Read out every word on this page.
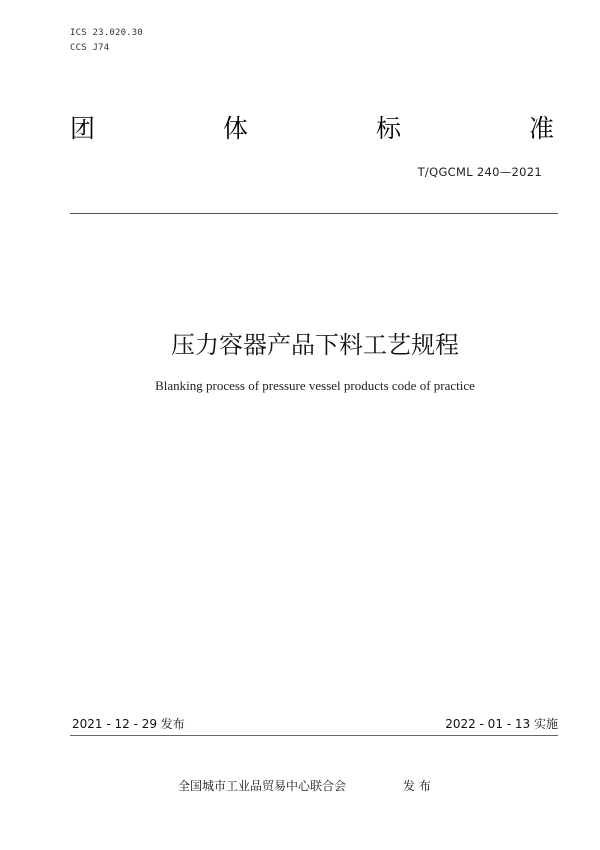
ICS 23.020.30
CCS J74
团	体	标	准
T/QGCML 240—2021
压力容器产品下料工艺规程
Blanking process of pressure vessel products code of practice
2021 - 12 - 29 发布	2022 - 01 - 13 实施
全国城市工业品贸易中心联合会	发 布
